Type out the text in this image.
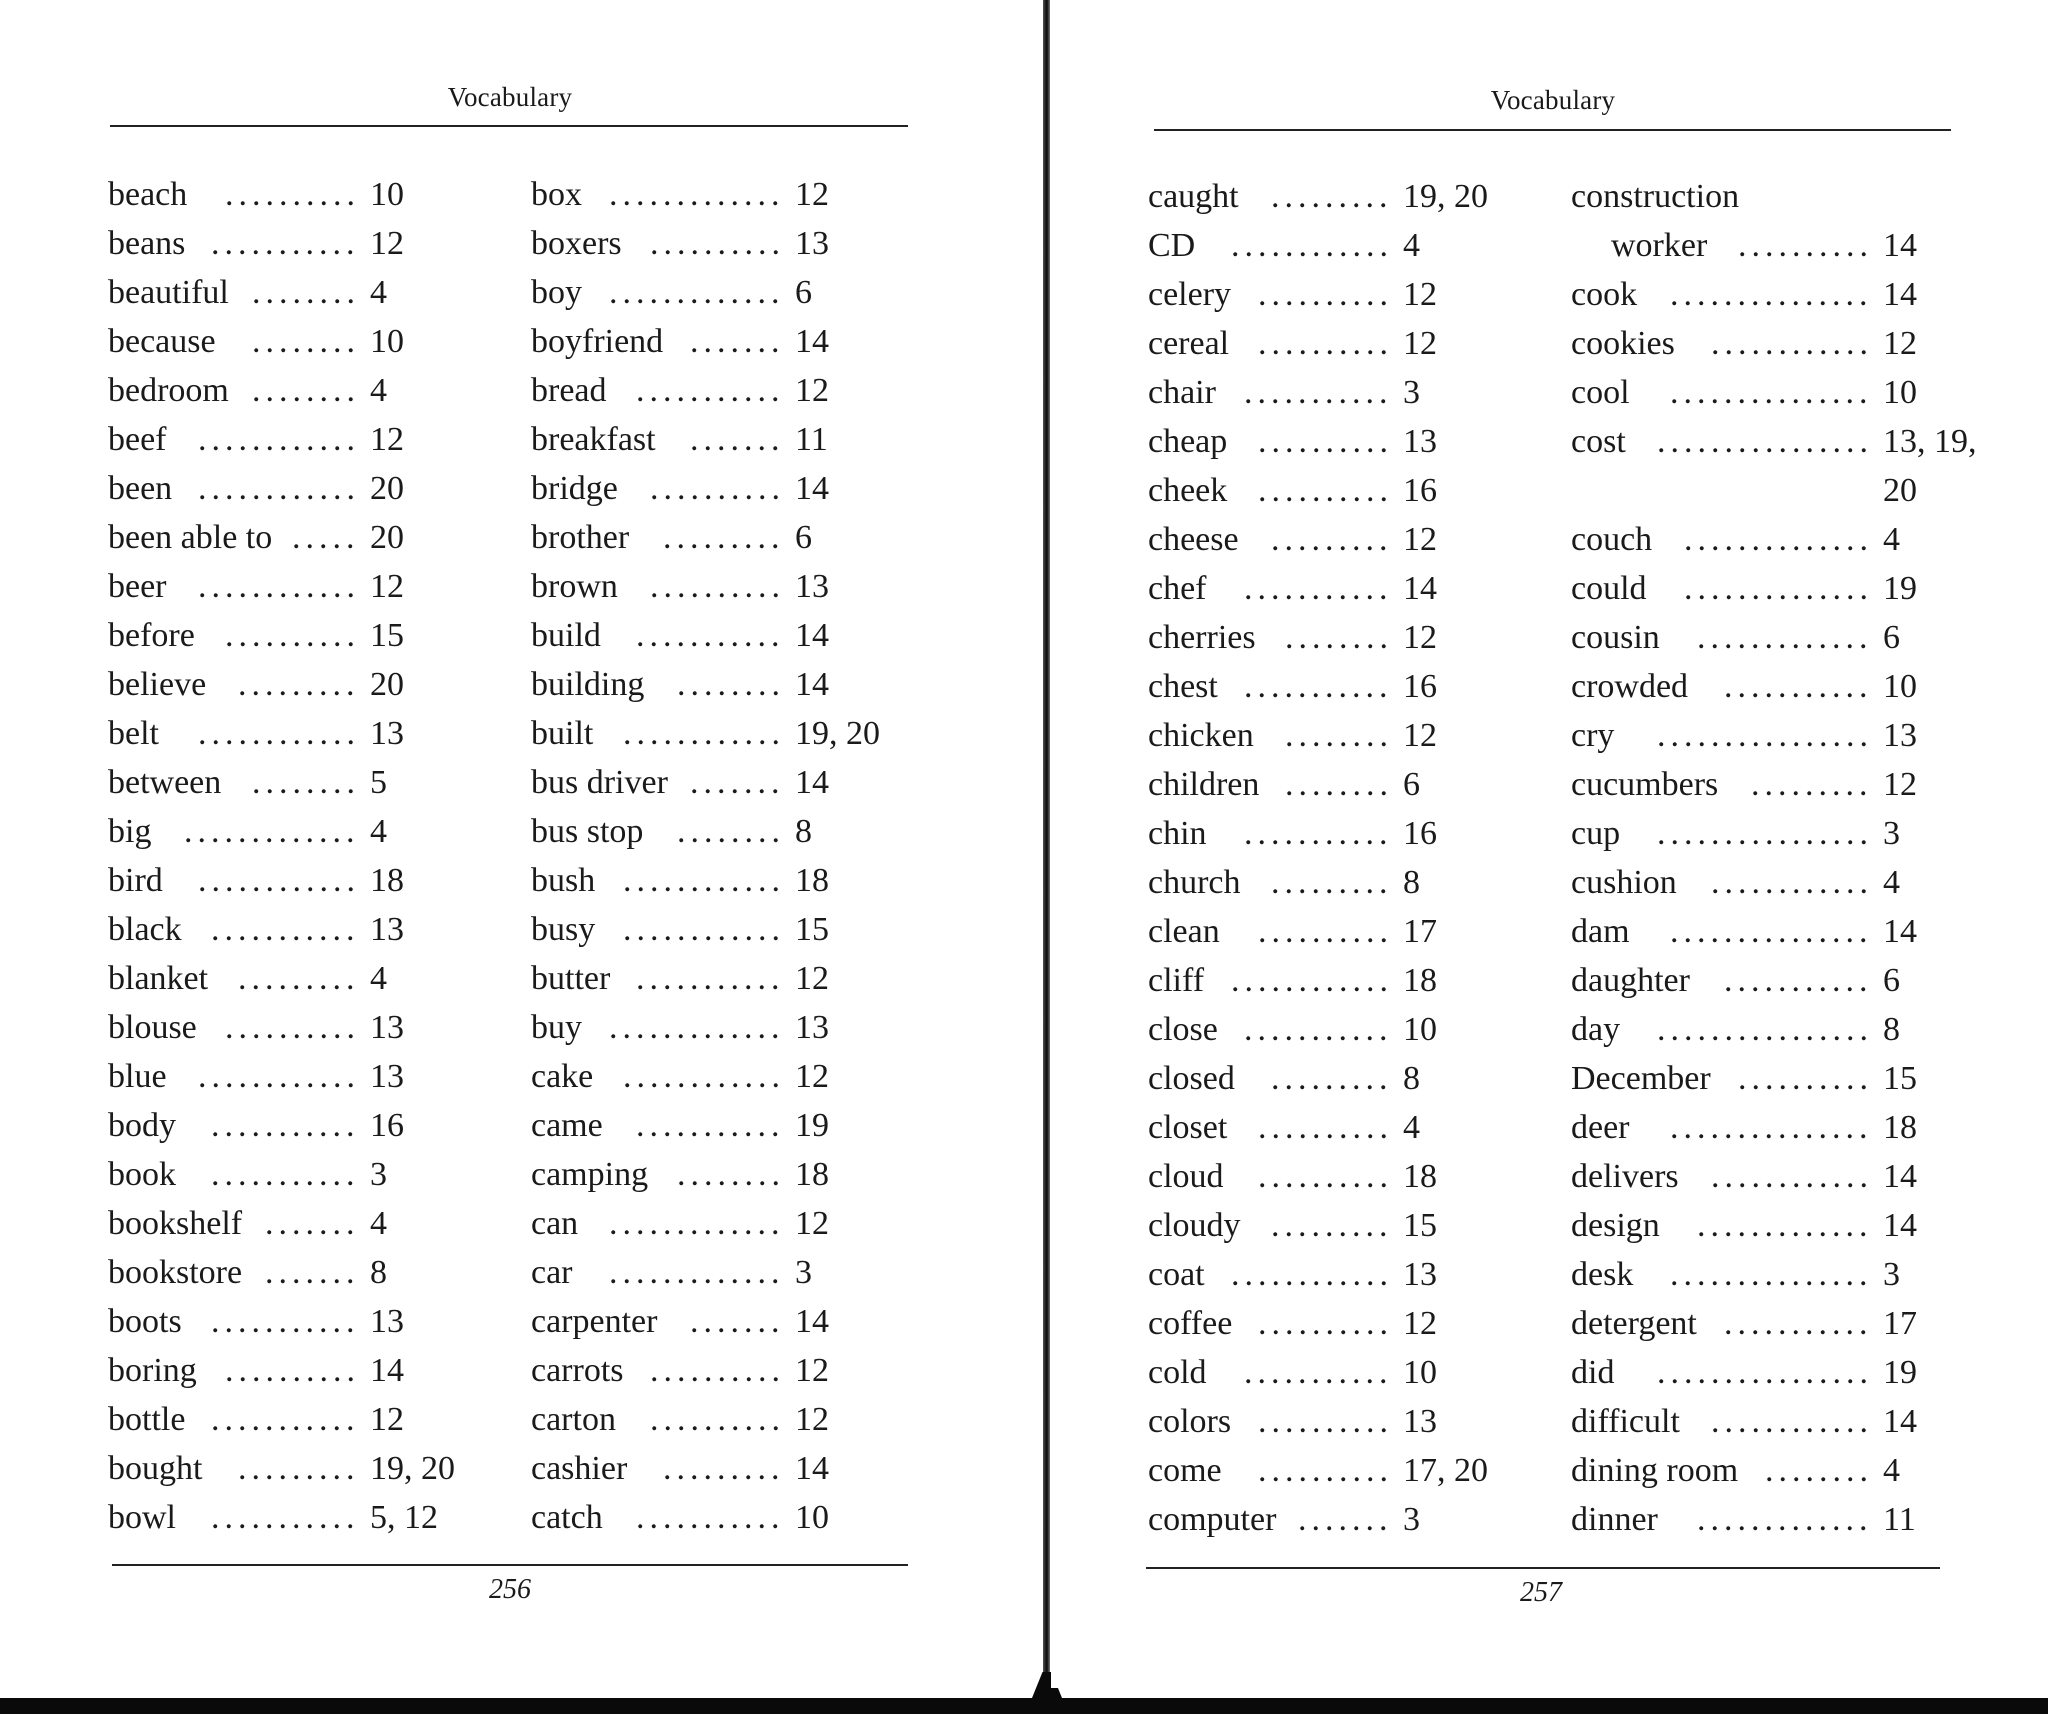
Vocabulary
beach	10
..........
beans	12
...........
beautiful	4
........
because	10
........
bedroom	4
........
beef	12
............
been	20
............
been able to	20
.....
beer	12
............
before	15
..........
believe	20
.........
belt	13
............
between	5
........
big	4
.............
bird	18
............
black	13
...........
blanket	4
.........
blouse	13
..........
blue	13
............
body	16
...........
book	3
...........
bookshelf	4
.......
bookstore	8
.......
boots	13
...........
boring	14
..........
bottle	12
...........
bought	19, 20
.........
bowl	5, 12
...........
box	12
.............
boxers	13
..........
boy	6
.............
boyfriend	14
.......
bread	12
...........
breakfast	11
.......
bridge	14
..........
brother	6
.........
brown	13
..........
build	14
...........
building	14
........
built	19, 20
............
bus driver	14
.......
bus stop	8
........
bush	18
............
busy	15
............
butter	12
...........
buy	13
.............
cake	12
............
came	19
...........
camping	18
........
can	12
.............
car	3
.............
carpenter	14
.......
carrots	12
..........
carton	12
..........
cashier	14
.........
catch	10
...........
256
Vocabulary
caught	19, 20
.........
CD	4
............
celery	12
..........
cereal	12
..........
chair	3
...........
cheap	13
..........
cheek	16
..........
cheese	12
.........
chef	14
...........
cherries	12
........
chest	16
...........
chicken	12
........
children	6
........
chin	16
...........
church	8
.........
clean	17
..........
cliff	18
............
close	10
...........
closed	8
.........
closet	4
..........
cloud	18
..........
cloudy	15
.........
coat	13
............
coffee	12
..........
cold	10
...........
colors	13
..........
come	17, 20
..........
computer	3
.......
construction
worker	14
..........
cook	14
...............
cookies	12
............
cool	10
...............
cost	13, 19,
................
20
couch	4
..............
could	19
..............
cousin	6
.............
crowded	10
...........
cry	13
................
cucumbers	12
.........
cup	3
................
cushion	4
............
dam	14
...............
daughter	6
...........
day	8
................
December	15
..........
deer	18
...............
delivers	14
............
design	14
.............
desk	3
...............
detergent	17
...........
did	19
................
difficult	14
............
dining room	4
........
dinner	11
.............
257
